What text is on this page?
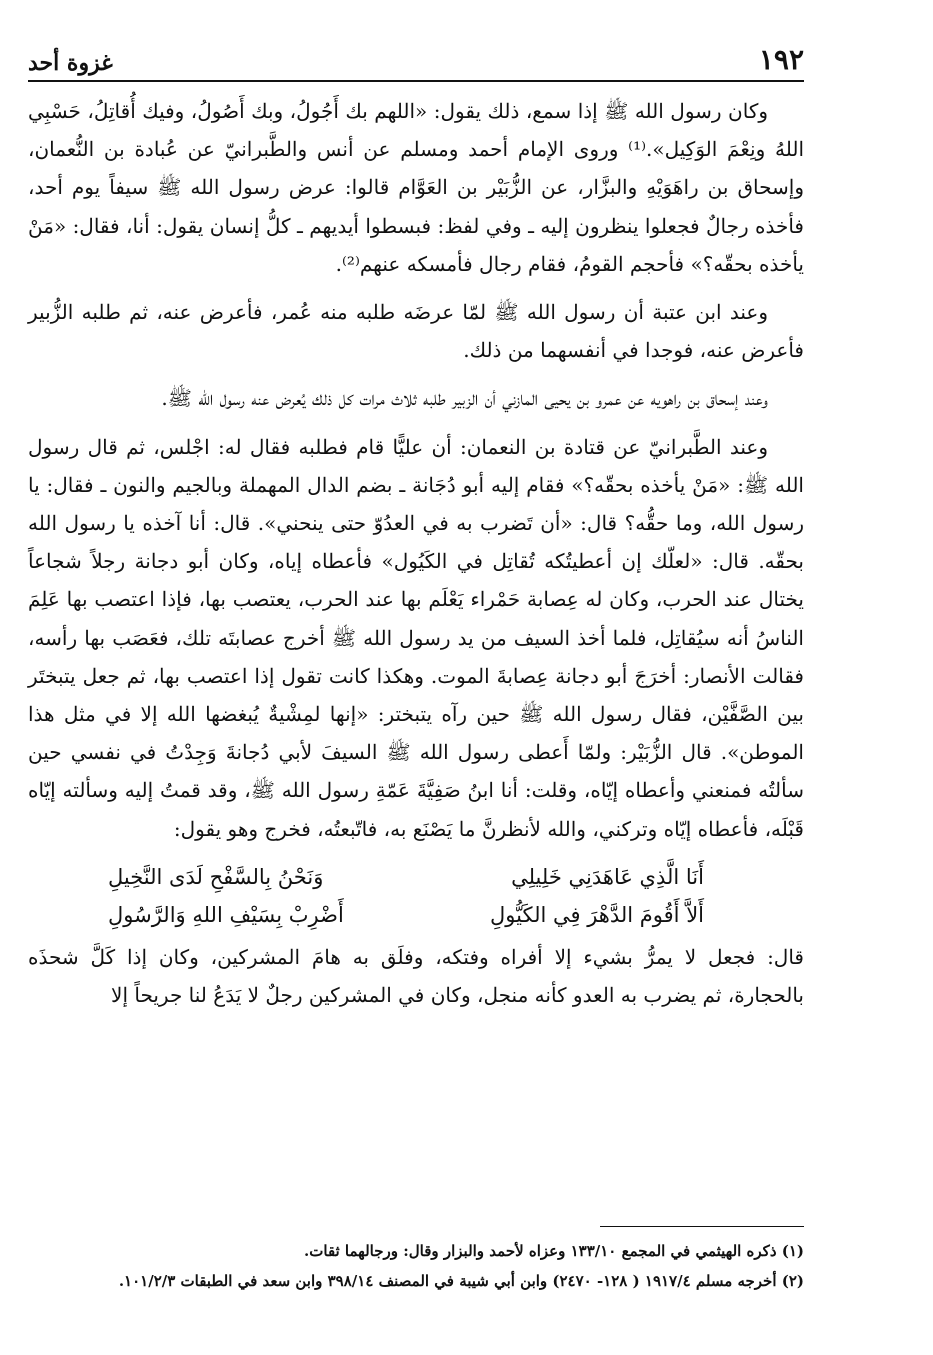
١٩٢
غزوة أحد

وكان رسول الله ﷺ إذا سمع، ذلك يقول: «اللهم بك أَجُولُ، وبك أَصُولُ، وفيك أُقاتِلُ، حَسْبِي اللهُ ونِعْمَ الوَكِيل».⁽¹⁾ وروى الإمام أحمد ومسلم عن أنس والطَّبرانيّ عن عُبادة بن النُّعمان، وإسحاق بن راهَوَيْهِ والبزَّار، عن الزُّبَيْر بن العَوَّام قالوا: عرض رسول الله ﷺ سيفاً يوم أحد، فأخذه رجالٌ فجعلوا ينظرون إليه ـ وفي لفظ: فبسطوا أيديهم ـ كلُّ إنسان يقول: أنا، فقال: «مَنْ يأخذه بحقّه؟» فأحجم القومُ، فقام رجال فأمسكه عنهم⁽²⁾.

وعند ابن عتبة أن رسول الله ﷺ لمّا عرضَه طلبه منه عُمر، فأعرض عنه، ثم طلبه الزُّبير فأعرض عنه، فوجدا في أنفسهما من ذلك.

وعند إسحاق بن راهويه عن عمرو بن يحيى المازني أن الزبير طلبه ثلاث مرات كل ذلك يُعرض عنه رسول الله ﷺ.

وعند الطَّبرانيّ عن قتادة بن النعمان: أن عليًّا قام فطلبه فقال له: اجْلس، ثم قال رسول الله ﷺ: «مَنْ يأخذه بحقّه؟» فقام إليه أبو دُجَانة ـ بضم الدال المهملة وبالجيم والنون ـ فقال: يا رسول الله، وما حقُّه؟ قال: «أن تَضرب به في العدُوّ حتى ينحني». قال: أنا آخذه يا رسول الله بحقّه. قال: «لعلّك إن أعطيتُكه تُقاتِل في الكَيُول» فأعطاه إياه، وكان أبو دجانة رجلاً شجاعاً يختال عند الحرب، وكان له عِصابة حَمْراء يَعْلَم بها عند الحرب، يعتصب بها، فإذا اعتصب بها عَلِمَ الناسُ أنه سيُقاتِل، فلما أخذ السيف من يد رسول الله ﷺ أخرج عصابتَه تلك، فعَصَب بها رأسه، فقالت الأنصار: أخرَجَ أبو دجانة عِصابةَ الموت. وهكذا كانت تقول إذا اعتصب بها، ثم جعل يتبختَر بين الصَّفَّيْن، فقال رسول الله ﷺ حين رآه يتبختر: «إنها لمِشْيةٌ يُبغضها الله إلا في مثل هذا الموطن». قال الزُّبَيْر: ولمّا أَعطى رسول الله ﷺ السيفَ لأبي دُجانةَ وَجِدْتُ في نفسي حين سألتُه فمنعني وأعطاه إيّاه، وقلت: أنا ابنُ صَفِيَّةَ عَمّةِ رسول الله ﷺ، وقد قمتُ إليه وسألته إيّاه قَبْلَه، فأعطاه إيّاه وتركني، والله لأنظرنَّ ما يَصْنَع به، فاتّبعتُه، فخرج وهو يقول:

أَنَا الَّذِي عَاهَدَنِي خَلِيلِي
وَنَحْنُ بِالسَّفْحِ لَدَى النَّخِيلِ
أَلاَّ أَقُومَ الدَّهْرَ فِي الكَيُّولِ
أَضْرِبْ بِسَيْفِ اللهِ وَالرَّسُولِ

قال: فجعل لا يمرُّ بشيء إلا أفراه وفتكه، وفلَق به هامَ المشركين، وكان إذا كَلَّ شحذَه بالحجارة، ثم يضرب به العدو كأنه منجل، وكان في المشركين رجلٌ لا يَدَعُ لنا جريحاً إلا

(١) ذكره الهيثمي في المجمع ١٣٣/١٠ وعزاه لأحمد والبزار وقال: ورجالهما ثقات.
(٢) أخرجه مسلم ١٩١٧/٤ ( ١٢٨- ٢٤٧٠) وابن أبي شيبة في المصنف ٣٩٨/١٤ وابن سعد في الطبقات ١٠١/٢/٣.
